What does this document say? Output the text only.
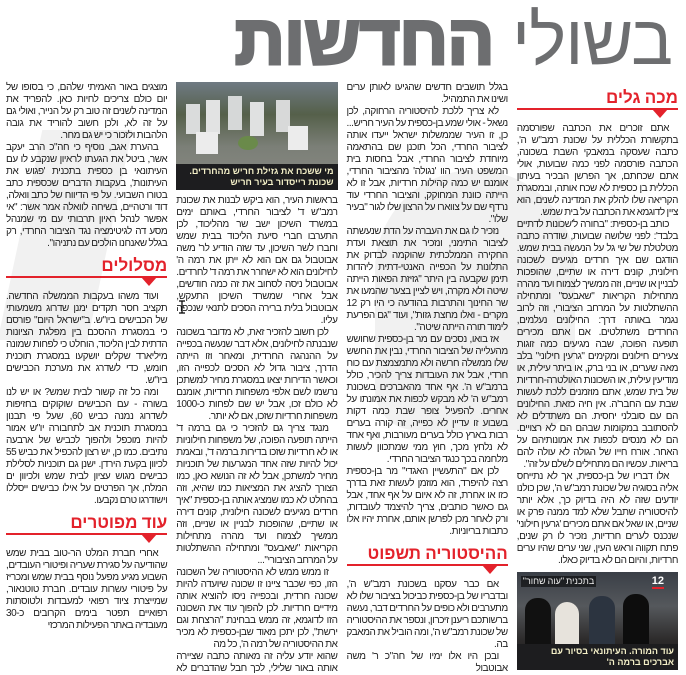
בשולי החדשות
מכה גלים

אתם זוכרים את הכתבה שפורסמה בתקשורת הכללית על שכונת רמב"ש ה', כתבה שעסקה במאבקי השבת בשכונה, הכתבה פורסמה לפני כמה שבועות, אולי אתם שכחתם, אך הפרשן הבכיר בעיתון הכללית בן כספית לא שכח אותה, ובמסגרת הקריאה שלו להלק את המדינה לשנים, הוא ציין לדוגמא את הכתבה על בית שמש.

כותב בן-כספית: "בחורה ל'שכונות לדתיים בלבד': לפני שלושה שבועות, שודרה כתבה מטלטלת של שי גל על הנעשה בבית שמש. הודגם שם איך חרדים מגיעים לשכונה חילונית, קונים דירה או שתיים, שהופכות לבניין או שניים, וזה ממשיך לצמוח ועד מהרה מתחילות הקריאות "שאבעס" ומתחילה ההשתלטות על המרחב הציבורי, וזה לרוב נגמר באותה דרך: החילונים נעלמים, החרדים משתלטים. אם אתם מכירים תופעה הפוכה, שבה מגיעים כמה זוגות צעירים חילונים ומקימים "גרעין חילוני" בלב מאה שערים, או בני ברק, או ביתר עילית, או מודיעין עילית, או השכונות האולטרה-חרדיות של בית שמש, אתם מוזמנים ללכת לעשות שבת עם החבר'ה. אין חיה כזאת. החילונים הם עם סובלני יחסית. הם משתדלים לא להסתובב במקומות שבהם הם לא רצויים. הם לא מנסים לכפות את אמונותיהם על האחר. אורח חייו של הגולה לא עולה להם בריאות. עכשיו הם מתחילים לשלם על זה".

אלו דבריו של בן-כספית, אך לא נתייחס אליה בסוגיה של שכונת רמב"ש ה', שכן כולנו יודעים שזה לא היה בדיוק כך, אלא יותר להיסטוריה שתבל שלא למד ממנה פרק או שניים, או שאל אם אתם מכירים 'גרעין חילוני' שנכנס לערים חרדיות, נזכיר לו רק שנים, פתח תקווה וראש העין, שני ערים שהיו ערים חרדיות, והיום הם לא בדיוק כאלו.

12
בתכנית "עוה שחור"
עוד המורה. העיתונאי בסיור עם אברכים ברמה ה'

בגלל תושבים חדשים שהגיעו לאותן ערים ושינו את התמהיל.

לא צריך ללכת להיסטוריה הרחוקה, לכן נשאל - אולי שמע בן-כספית על העיר חריש... כן, זו העיר שממשלות ישראל ייעדו אותה לציבור החרדי, הכל תוכנן שם בהתאמה מיוחדת לציבור החרדי, אבל בחסות בית המשפט העיר הוו 'נגולה' מהציבור החרדי, אומנם יש כמה קהילות חרדיות, אבל זו לא הייתה כוונת המחוקק, והציבור החרדי עוד נרדף שם על צווארו על הרצון שלו לגור "בעיר שלו".

נזכיר לו גם את העברה על הדת שנעשתה לציבור התימני, ונזכיר את תוצאת ועדת החקירה הממלכתית שהוקמה לבדוק את התלונות על הכפייה האנטי-דתית ליהדות תימן שקבעה בין היתר "גזיזת הפאות הייתה שיטה ולא מקרה, ויש לציין בצער שהמעו את שר החינוך והתרבות בהודעה כי היו רק 12 מקרים - ואלו מחצת גזות", ועוד "גם הפרעת לימוד תורה הייתה שיטה".

אז בואו, נסכים עם מר בן-כספית שחושש מהעלייה של הציבור החרדי, נבין את החשש שלו ממשלה חרשה ולא מתמצמצת עם כוח חרדי, אבל את העובדות צריך להכיר, כולל ברמב"ש ה'. אף אחד מהאברכים בשכונת רמב"ש ה' לא מבקש לכפות את אמונתו על אחרים. להפעיל צופר שבת כמה דקות בשבוע זו עדיין לא כפייה, זה קורה בערים רבות בארץ כולל בערים מעורבות, ואף אחד לא נלחץ מכך, חוץ ממי שמתכוון לעשות מלחמה בכך כנגד הציבור החרדי.

לכן אם "התעשיין האגדי" מר בן-כספית רצה להיפרד, הוא מוזמן לעשות זאת בדרך כזו או אחרת, זה לא איום על אף אחד, אבל גם כאשר כותבים, צריך להיצמד לעובדות, ורק לאחר מכן לפרשן אותם, אחרת יהיו אלו כתבות בריוניות.

ההיסטוריה תשפוט

אם כבר עסקנו בשכונת רמב"ש ה', ובדבריו של בן-כספית כביכול בציבור שלו לא מתערבים ולא כופים על החרדים דבר, נעשה ברשותכם ריענן זיכרון, ונספר את ההיסטוריה של שכונת רמב"ש ה', ומה הוביל את המאבק בה.

ובכן היו אלו ימיו של חה"כ ר' משה אבוטבול

מי ששכח את גזילת חריש מהחרדים. שכונת רייסדור בעיר חריש

בראשות העיר, הוא ביקש לבנות את שכונת רמב"ש ד' לציבור החרדי, באותם ימים במשרד השיכון ישב שר מהליכוד, לכן התערבו חברי סיעת הליכוד בבית שמש וחברו לשר השיכון, עד שזה הודיע לר' משה אבוטבול גם אם הוא לא ייתן את רמה ה' לחילונים הוא לא ישחרר את רמה ד' לחרדים. אבוטבול ניסה לסחוב את זה כמה חודשים, אבל אחרי שמשרד השיכון התעקש, אבוטבול בלית ברירה הסכים לתנאי שנכפה עליו.

לכן חשוב להזכיר זאת, לא מדובר בשכונה שנבנתה לחילונים, אלא דבר שנעשה בכפייה על ההנהגה החרדית, ומאחר וזו הייתה הדרך, ציבור גדול לא הסכים לכפייה הזו, וכאשר הדירות יצאו במסגרת מחיר למשתכן נרשמו לשם אלפי משפחות חרדיות, אומנם לא כולם זכו, אבל יש שם לפחות כ-1000 משפחות חרדיות שזכו, אם לא יותר.

מנגד צריך גם להזכיר כי גם ברמה ד' הייתה תופעה הפוכה, של משפחות חילוניות או לא חרדיות שזכו בדירות ברמה ד', ובאמת יכול להיות שזה אחד המגרעות של תוכניות מחיר למשתכן, אבל לא זה הנושא כאן, כמו הצורך להציג את המציאות כמו שהיא, וזה בהחלט לא כמו שמציג אותה בן-כספית "איך חרדים מגיעים לשכונה חילונית, קונים דירה או שתיים, שהופכות לבניין או שניים, וזה ממשיך לצמוח ועד מהרה מתחילות הקריאות "שאבעס" ומתחילה ההשתלטות על המרחב הציבורי"...

זו ממש ממש לא ההיסטוריה של השכונה הזו, כפי שכבר ציינו זו שכונה שיועדה להיות שכונה חרדית, ובכפייה ניסו להוציא אותה מידיים חרדיות. לכן להפוך עוד את השכונה הזו לדוגמא, זה ממש בבחינת "הרצחת וגם ירשת", לכן יתכן מאוד שבן-כספית לא מכיר את ההיסטוריה של רמה ה', כל מה

שהוא יודע עליה זה מאותה כתבה שציירה אותה באור שלילי, לכך חבל שהדברים לא מוצגים באור האמיתי שלהם, כי בסופו של יום כולם צריכים לחיות כאן. להפריד את המדינה לשנים זה טוב רק על הנייר, ואולי גם על זה לא, ולכן חשוב להוריד את גובה הלהבות ולזכור כי יש גם מחר.

בהערת אגב, נוסיף כי חה"כ הרב יעקב אשר, ביטל את הגעתו לראיון שנקבע לו עם העיתונאי בן כספית בתכנית 'פגוש את העיתונות', בעקבות הדברים שכספית כתב בטורו השבועי. על פי הדיווח של כתב וואלה, דוד ורטהיים, בשיחה לוואלה אמר אשר: "אי אפשר לנהל ראיון תרבותי עם מי שמנהל מסע דה לגיטימציה נגד הציבור החרדי, רק בגלל שאנחנו הולכים עם נתניהו".

מסלולים

ועוד משהו בעקבות הממשלה החדשה. תקציב חסר תקדים ימנן שדרוג משמעותי של הכבישים ביו"ש. ב"ישראל היום" פורסם כי במסגרת ההסכם בין מפלגת הציונות הדתית לבין הליכוד, הוחלט כי לפחות שמונה מיליארד שקלים יושקעו במסגרת תוכנית חומש, כדי לשדרג את מערכת הכבישים ביו"ש.

ומה כל זה קשור לבית שמש? או יש לנו בשורה - עם הכבישים שוקוקים בחזיפות לשדרוג נמנה כביש 60, שעל פי תבנון במסגרת תוכנית אב לתחבורה יו"ש אמור להיות מוכפל ולהפוך לכביש של ארבעה נתיבים. כמו כן, יש רצון להכפיל את כביש 55 לכיוון בקעת הירדן. ישנן גם תוכניות לסלילת כבישים מגוש עציון לבית שמש ולכיוון ים המלח, אך הפרטים על אילו כבישים ייסללו וישודרגו טרם נקבעו.

עוד מפוטרים

אחרי חברת המלט הר-טוב בבית שמש שהודיעה על סגירת שעריה ופיטורי העובדים, השבוע מגיע מפעל נוסף בבית שמש ומכריז על פיטורי עשרות עובדים. חברת טוטנאור, שמייצרת ציוד רפואי למעבדות ולטוסתות רפואיים תפטר בימים הקרובים כ-30 מעובדיה באתר הפעילות המרכזי
